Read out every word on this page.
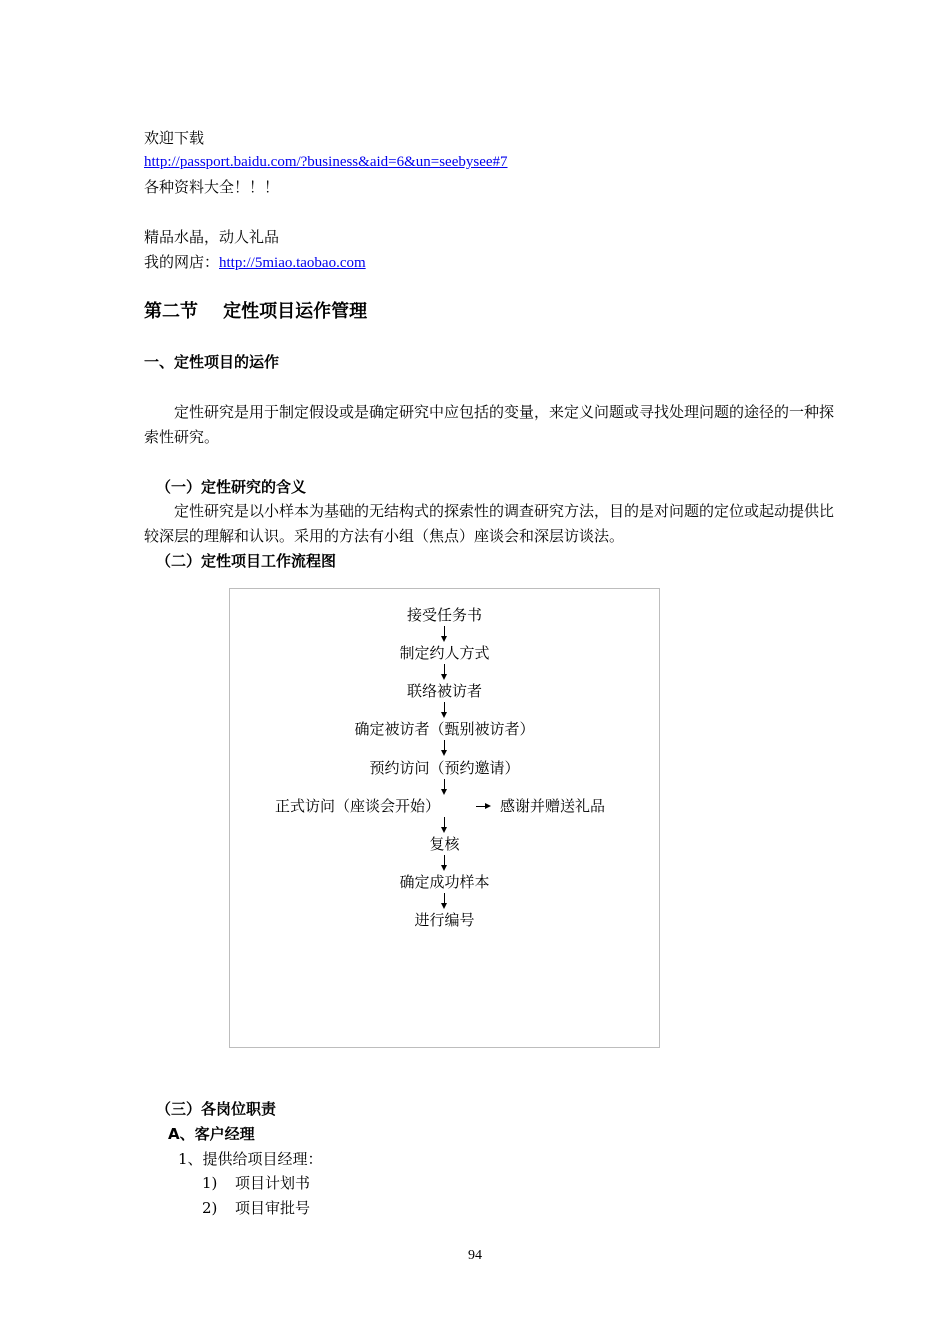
欢迎下载
http://passport.baidu.com/?business&aid=6&un=seebysee#7
各种资料大全！！！
精品水晶，动人礼品
我的网店：http://5miao.taobao.com
第二节    定性项目运作管理
一、定性项目的运作
定性研究是用于制定假设或是确定研究中应包括的变量，来定义问题或寻找处理问题的途径的一种探索性研究。
（一）定性研究的含义
定性研究是以小样本为基础的无结构式的探索性的调查研究方法，目的是对问题的定位或起动提供比较深层的理解和认识。采用的方法有小组（焦点）座谈会和深层访谈法。
（二）定性项目工作流程图
接受任务书
制定约人方式
联络被访者
确定被访者（甄别被访者）
预约访问（预约邀请）
正式访问（座谈会开始）	感谢并赠送礼品
复核
确定成功样本
进行编号
（三）各岗位职责
A、客户经理
1、提供给项目经理：
1) 项目计划书
2) 项目审批号
94
